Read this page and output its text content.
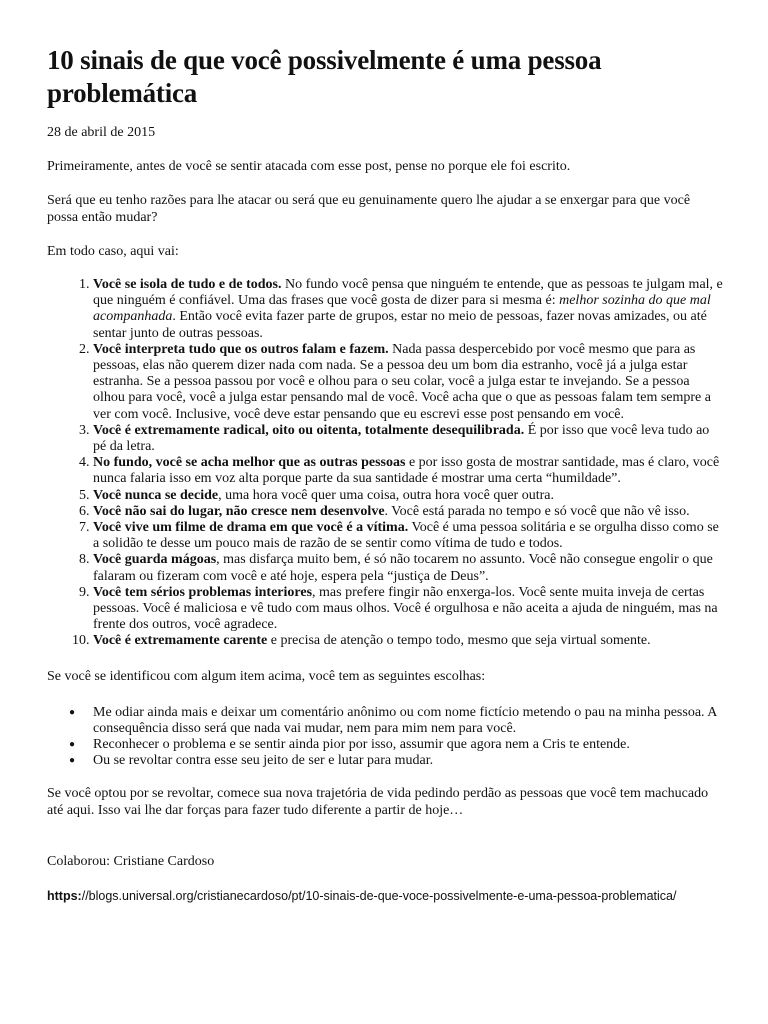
10 sinais de que você possivelmente é uma pessoa problemática

28 de abril de 2015

Primeiramente, antes de você se sentir atacada com esse post, pense no porque ele foi escrito.

Será que eu tenho razões para lhe atacar ou será que eu genuinamente quero lhe ajudar a se enxergar para que você possa então mudar?

Em todo caso, aqui vai:

1. Você se isola de tudo e de todos. No fundo você pensa que ninguém te entende, que as pessoas te julgam mal, e que ninguém é confiável. Uma das frases que você gosta de dizer para si mesma é: melhor sozinha do que mal acompanhada. Então você evita fazer parte de grupos, estar no meio de pessoas, fazer novas amizades, ou até sentar junto de outras pessoas.
2. Você interpreta tudo que os outros falam e fazem. Nada passa despercebido por você mesmo que para as pessoas, elas não querem dizer nada com nada. Se a pessoa deu um bom dia estranho, você já a julga estar estranha. Se a pessoa passou por você e olhou para o seu colar, você a julga estar te invejando. Se a pessoa olhou para você, você a julga estar pensando mal de você. Você acha que o que as pessoas falam tem sempre a ver com você. Inclusive, você deve estar pensando que eu escrevi esse post pensando em você.
3. Você é extremamente radical, oito ou oitenta, totalmente desequilibrada. É por isso que você leva tudo ao pé da letra.
4. No fundo, você se acha melhor que as outras pessoas e por isso gosta de mostrar santidade, mas é claro, você nunca falaria isso em voz alta porque parte da sua santidade é mostrar uma certa “humildade”.
5. Você nunca se decide, uma hora você quer uma coisa, outra hora você quer outra.
6. Você não sai do lugar, não cresce nem desenvolve. Você está parada no tempo e só você que não vê isso.
7. Você vive um filme de drama em que você é a vítima. Você é uma pessoa solitária e se orgulha disso como se a solidão te desse um pouco mais de razão de se sentir como vítima de tudo e todos.
8. Você guarda mágoas, mas disfarça muito bem, é só não tocarem no assunto. Você não consegue engolir o que falaram ou fizeram com você e até hoje, espera pela “justiça de Deus”.
9. Você tem sérios problemas interiores, mas prefere fingir não enxerga-los. Você sente muita inveja de certas pessoas. Você é maliciosa e vê tudo com maus olhos. Você é orgulhosa e não aceita a ajuda de ninguém, mas na frente dos outros, você agradece.
10. Você é extremamente carente e precisa de atenção o tempo todo, mesmo que seja virtual somente.

Se você se identificou com algum item acima, você tem as seguintes escolhas:

● Me odiar ainda mais e deixar um comentário anônimo ou com nome fictício metendo o pau na minha pessoa. A consequência disso será que nada vai mudar, nem para mim nem para você.
● Reconhecer o problema e se sentir ainda pior por isso, assumir que agora nem a Cris te entende.
● Ou se revoltar contra esse seu jeito de ser e lutar para mudar.

Se você optou por se revoltar, comece sua nova trajetória de vida pedindo perdão as pessoas que você tem machucado até aqui. Isso vai lhe dar forças para fazer tudo diferente a partir de hoje…

Colaborou: Cristiane Cardoso

https://blogs.universal.org/cristianecardoso/pt/10-sinais-de-que-voce-possivelmente-e-uma-pessoa-problematica/
